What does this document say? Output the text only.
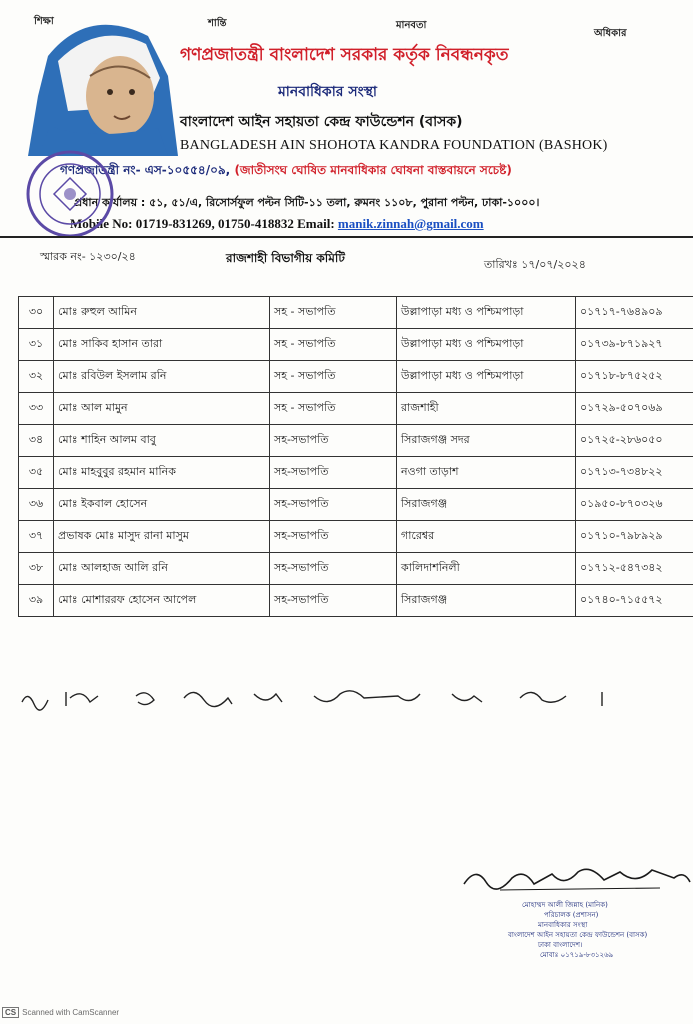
শিক্ষা	শান্তি	মানবতা
অধিকার
গণপ্রজাতন্ত্রী বাংলাদেশ সরকার কর্তৃক নিবন্ধনকৃত
মানবাধিকার সংস্থা
বাংলাদেশ আইন সহায়তা কেন্দ্র ফাউন্ডেশন (বাসক)
BANGLADESH AIN SHOHOTA KANDRA FOUNDATION (BASHOK)
গণপ্রজাতন্ত্রী নং- এস-১০৫৫৪/০৯, (জাতীসংঘ ঘোষিত মানবাধিকার ঘোষনা বাস্তবায়নে সচেষ্ট)
প্রধান কার্যালয় : ৫১, ৫১/এ, রিসোর্সফুল পল্টন সিটি-১১ তলা, রুমনং ১১০৮, পুরানা পল্টন, ঢাকা-১০০০।
Mobile No: 01719-831269, 01750-418832 Email: manik.zinnah@gmail.com
স্মারক নং- ১২৩০/২৪	রাজশাহী বিভাগীয় কমিটি	তারিখঃ ১৭/০৭/২০২৪
৩০	মোঃ রুহুল আমিন	সহ - সভাপতি	উল্লাপাড়া মধ্য ও পশ্চিমপাড়া	০১৭১৭-৭৬৪৯০৯
৩১	মোঃ সাকিব হাসান তারা	সহ - সভাপতি	উল্লাপাড়া মধ্য ও পশ্চিমপাড়া	০১৭৩৯-৮৭১৯২৭
৩২	মোঃ রবিউল ইসলাম রনি	সহ - সভাপতি	উল্লাপাড়া মধ্য ও পশ্চিমপাড়া	০১৭১৮-৮৭৫২৫২
৩৩	মোঃ আল মামুন	সহ - সভাপতি	রাজশাহী	০১৭২৯-৫০৭০৬৯
৩৪	মোঃ শাহিন আলম বাবু	সহ-সভাপতি	সিরাজগঞ্জ সদর	০১৭২৫-২৮৬০৫০
৩৫	মোঃ মাহবুবুর রহমান মানিক	সহ-সভাপতি	নওগা তাড়াশ	০১৭১৩-৭৩৪৮২২
৩৬	মোঃ ইকবাল হোসেন	সহ-সভাপতি	সিরাজগঞ্জ	০১৯৫০-৮৭০৩২৬
৩৭	প্রভাষক মোঃ মাসুদ রানা মাসুম	সহ-সভাপতি	গারেশ্বর	০১৭১০-৭৯৮৯২৯
৩৮	মোঃ আলহাজ আলি রনি	সহ-সভাপতি	কালিদাশনিলী	০১৭১২-৫৪৭৩৪২
৩৯	মোঃ মোশাররফ হোসেন আপেল	সহ-সভাপতি	সিরাজগঞ্জ	০১৭৪০-৭১৫৫৭২
মোহাম্মদ আলী জিন্নাহ (মানিক)
পরিচালক (প্রশাসন)
মানবাধিকার সংস্থা
বাংলাদেশ আইন সহায়তা কেন্দ্র ফাউন্ডেশন (বাসক)
ঢাকা বাংলাদেশ।
মোবাঃ ০১৭১৯-৮৩১২৬৯
CS Scanned with CamScanner
